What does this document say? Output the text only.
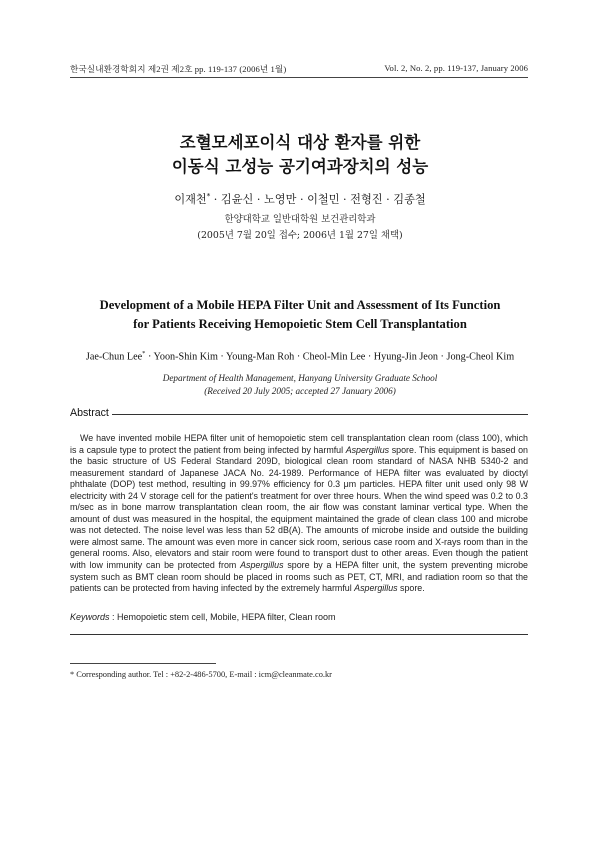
한국실내환경학회지 제2권 제2호 pp. 119-137 (2006년 1월)	Vol. 2, No. 2, pp. 119-137, January 2006
조혈모세포이식 대상 환자를 위한
이동식 고성능 공기여과장치의 성능
이재천* · 김윤신 · 노영만 · 이철민 · 전형진 · 김종철
한양대학교 일반대학원 보건관리학과
(2005년 7월 20일 접수; 2006년 1월 27일 채택)
Development of a Mobile HEPA Filter Unit and Assessment of Its Function
for Patients Receiving Hemopoietic Stem Cell Transplantation
Jae-Chun Lee* · Yoon-Shin Kim · Young-Man Roh · Cheol-Min Lee · Hyung-Jin Jeon · Jong-Cheol Kim
Department of Health Management, Hanyang University Graduate School
(Received 20 July 2005; accepted 27 January 2006)
Abstract

We have invented mobile HEPA filter unit of hemopoietic stem cell transplantation clean room (class 100), which is a capsule type to protect the patient from being infected by harmful Aspergillus spore. This equipment is based on the basic structure of US Federal Standard 209D, biological clean room standard of NASA NHB 5340-2 and measurement standard of Japanese JACA No. 24-1989. Performance of HEPA filter was evaluated by dioctyl phthalate (DOP) test method, resulting in 99.97% efficiency for 0.3 μm particles. HEPA filter unit used only 98 W electricity with 24 V storage cell for the patient's treatment for over three hours. When the wind speed was 0.2 to 0.3 m/sec as in bone marrow transplantation clean room, the air flow was constant laminar vertical type. When the amount of dust was measured in the hospital, the equipment maintained the grade of clean class 100 and microbe was not detected. The noise level was less than 52 dB(A). The amounts of microbe inside and outside the building were almost same. The amount was even more in cancer sick room, serious case room and X-rays room than in the general rooms. Also, elevators and stair room were found to transport dust to other areas. Even though the patient with low immunity can be protected from Aspergillus spore by a HEPA filter unit, the system preventing microbe system such as BMT clean room should be placed in rooms such as PET, CT, MRI, and radiation room so that the patients can be protected from having infected by the extremely harmful Aspergillus spore.

Keywords : Hemopoietic stem cell, Mobile, HEPA filter, Clean room
* Corresponding author. Tel : +82-2-486-5700, E-mail : icm@cleanmate.co.kr
